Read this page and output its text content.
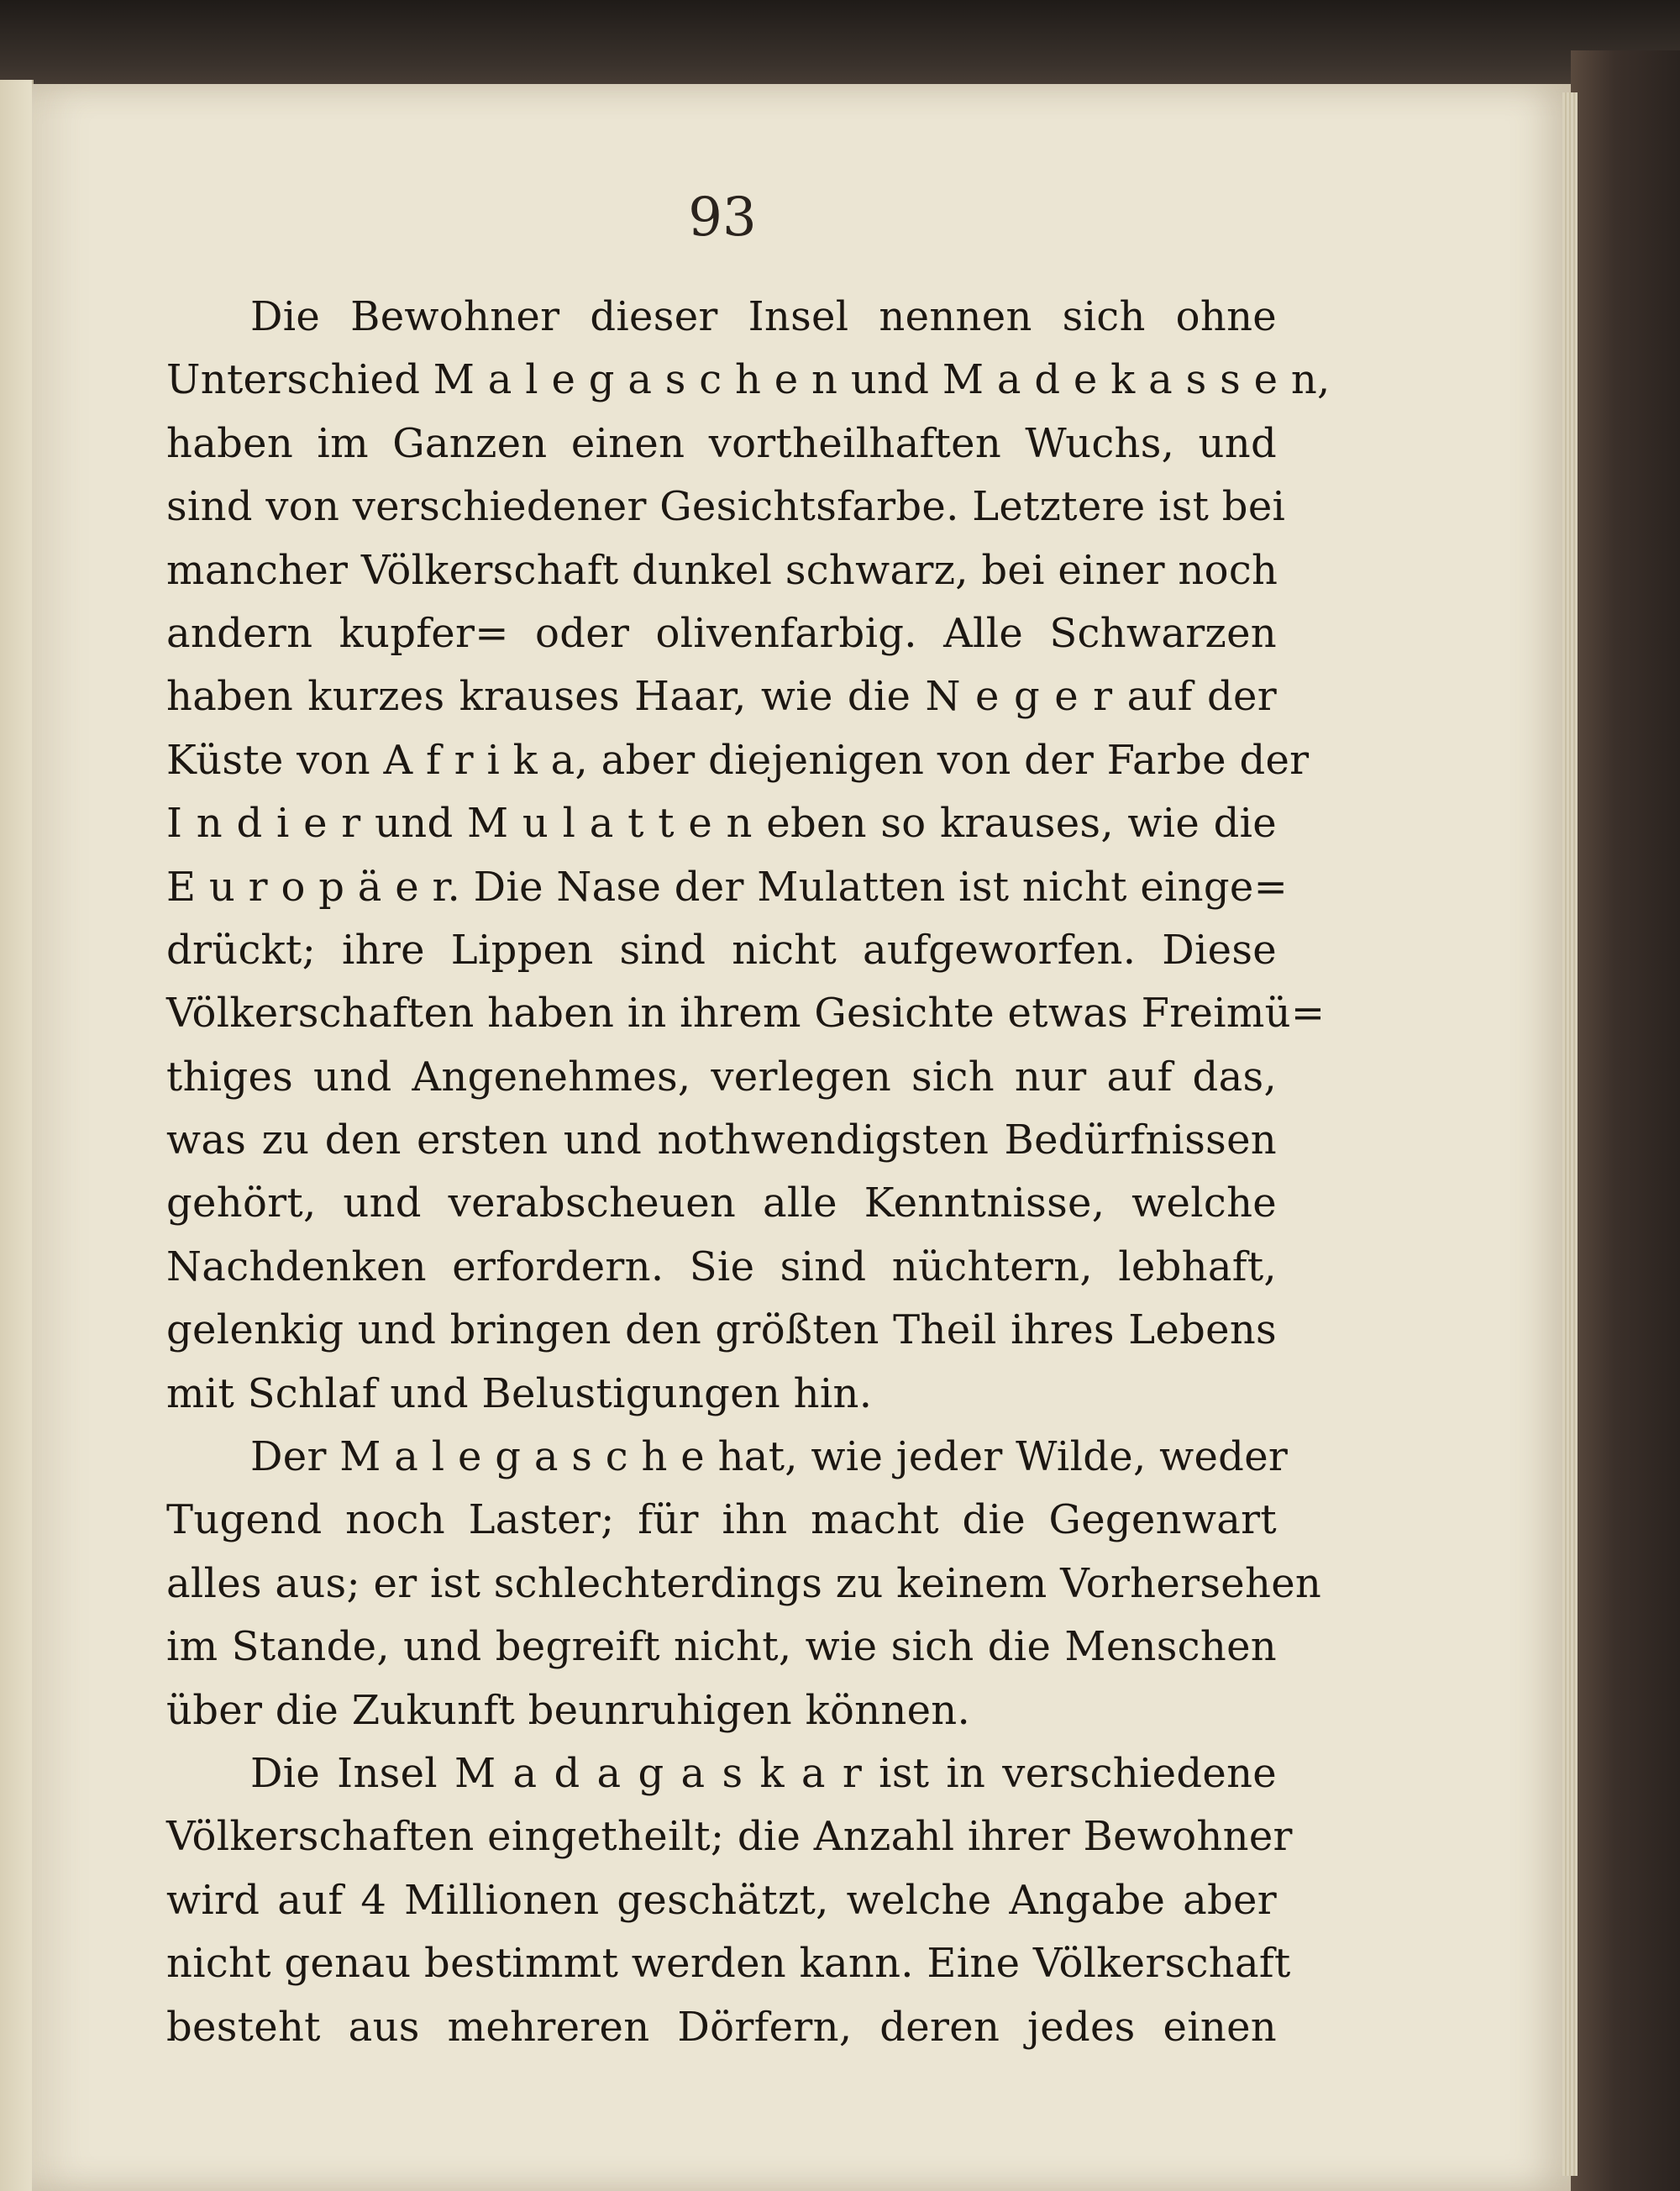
93
Die Bewohner dieser Insel nennen sich ohne
Unterschied M a l e g a s c h e n und M a d e k a s s e n,
haben im Ganzen einen vortheilhaften Wuchs, und
sind von verschiedener Gesichtsfarbe. Letztere ist bei
mancher Völkerschaft dunkel schwarz, bei einer noch
andern kupfer= oder olivenfarbig. Alle Schwarzen
haben kurzes krauses Haar, wie die N e g e r auf der
Küste von A f r i k a, aber diejenigen von der Farbe der
I n d i e r und M u l a t t e n eben so krauses, wie die
E u r o p ä e r. Die Nase der Mulatten ist nicht einge=
drückt; ihre Lippen sind nicht aufgeworfen. Diese
Völkerschaften haben in ihrem Gesichte etwas Freimü=
thiges und Angenehmes, verlegen sich nur auf das,
was zu den ersten und nothwendigsten Bedürfnissen
gehört, und verabscheuen alle Kenntnisse, welche
Nachdenken erfordern. Sie sind nüchtern, lebhaft,
gelenkig und bringen den größten Theil ihres Lebens
mit Schlaf und Belustigungen hin.
Der M a l e g a s c h e hat, wie jeder Wilde, weder
Tugend noch Laster; für ihn macht die Gegenwart
alles aus; er ist schlechterdings zu keinem Vorhersehen
im Stande, und begreift nicht, wie sich die Menschen
über die Zukunft beunruhigen können.
Die Insel M a d a g a s k a r ist in verschiedene
Völkerschaften eingetheilt; die Anzahl ihrer Bewohner
wird auf 4 Millionen geschätzt, welche Angabe aber
nicht genau bestimmt werden kann. Eine Völkerschaft
besteht aus mehreren Dörfern, deren jedes einen
